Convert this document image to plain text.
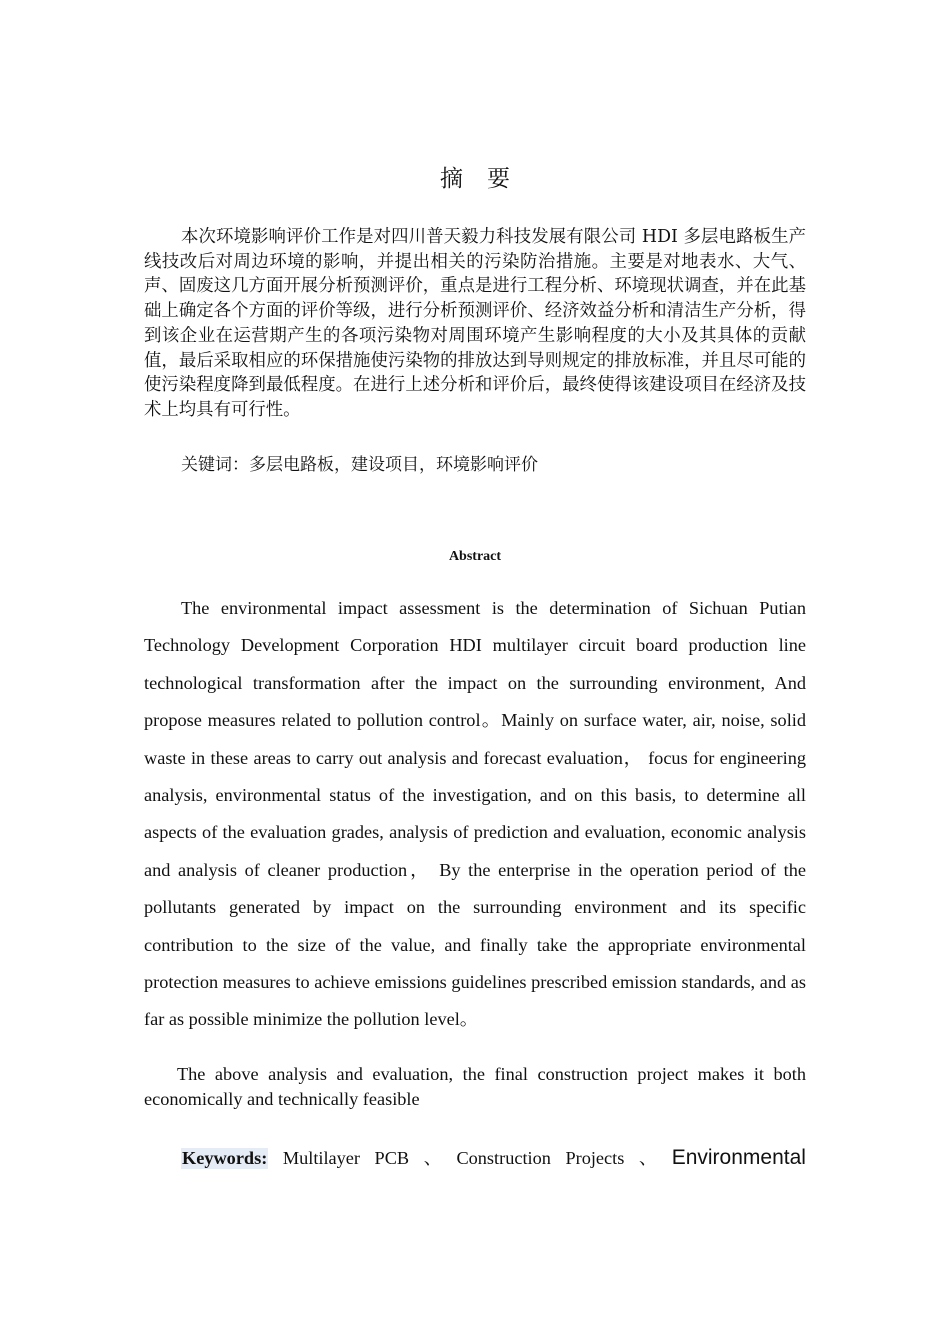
摘要

本次环境影响评价工作是对四川普天毅力科技发展有限公司 HDI 多层电路板生产线技改后对周边环境的影响，并提出相关的污染防治措施。主要是对地表水、大气、声、固废这几方面开展分析预测评价，重点是进行工程分析、环境现状调查，并在此基础上确定各个方面的评价等级，进行分析预测评价、经济效益分析和清洁生产分析，得到该企业在运营期产生的各项污染物对周围环境产生影响程度的大小及其具体的贡献值，最后采取相应的环保措施使污染物的排放达到导则规定的排放标准，并且尽可能的使污染程度降到最低程度。在进行上述分析和评价后，最终使得该建设项目在经济及技术上均具有可行性。

关键词：多层电路板，建设项目，环境影响评价

Abstract

The environmental impact assessment is the determination of Sichuan Putian Technology Development Corporation HDI multilayer circuit board production line technological transformation after the impact on the surrounding environment, And propose measures related to pollution control。Mainly on surface water, air, noise, solid waste in these areas to carry out analysis and forecast evaluation， focus for engineering analysis, environmental status of the investigation, and on this basis, to determine all aspects of the evaluation grades, analysis of prediction and evaluation, economic analysis and analysis of cleaner production， By the enterprise in the operation period of the pollutants generated by impact on the surrounding environment and its specific contribution to the size of the value, and finally take the appropriate environmental protection measures to achieve emissions guidelines prescribed emission standards, and as far as possible minimize the pollution level。

The above analysis and evaluation, the final construction project makes it both economically and technically feasible

Keywords: Multilayer PCB 、 Construction Projects 、 Environmental
